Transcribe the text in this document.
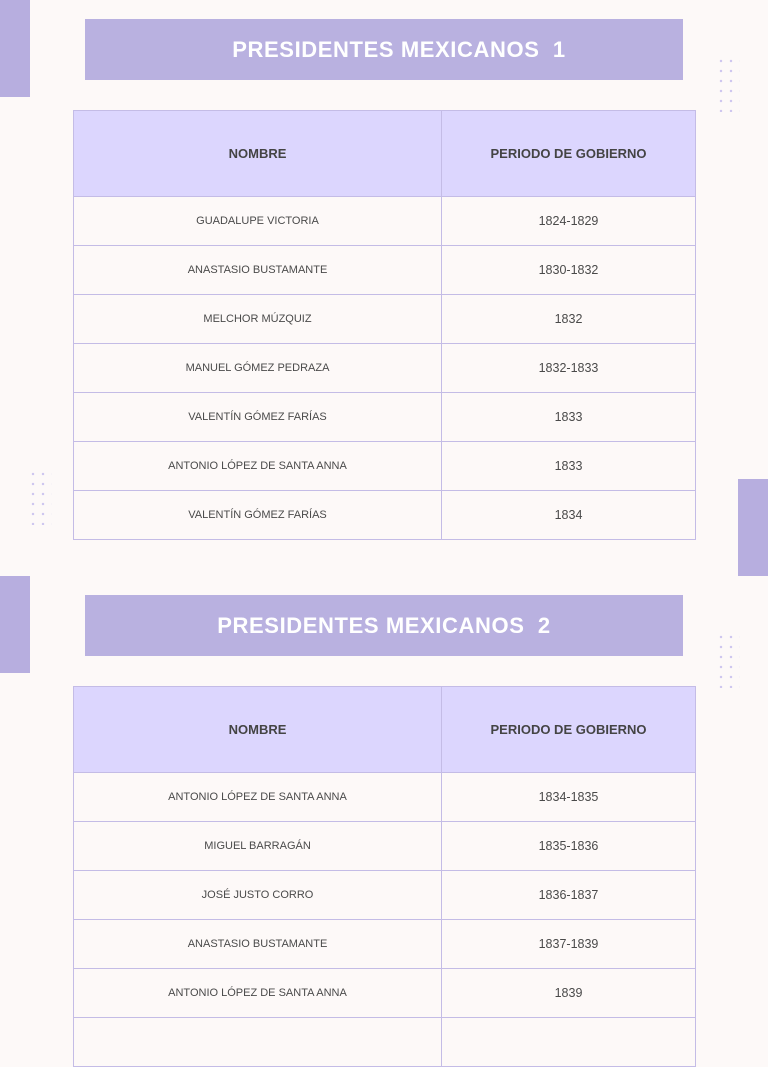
PRESIDENTES MEXICANOS  1
NOMBRE	PERIODO DE GOBIERNO
GUADALUPE VICTORIA	1824-1829
ANASTASIO BUSTAMANTE	1830-1832
MELCHOR MÚZQUIZ	1832
MANUEL GÓMEZ PEDRAZA	1832-1833
VALENTÍN GÓMEZ FARÍAS	1833
ANTONIO LÓPEZ DE SANTA ANNA	1833
VALENTÍN GÓMEZ FARÍAS	1834
PRESIDENTES MEXICANOS  2
NOMBRE	PERIODO DE GOBIERNO
ANTONIO LÓPEZ DE SANTA ANNA	1834-1835
MIGUEL BARRAGÁN	1835-1836
JOSÉ JUSTO CORRO	1836-1837
ANASTASIO BUSTAMANTE	1837-1839
ANTONIO LÓPEZ DE SANTA ANNA	1839
